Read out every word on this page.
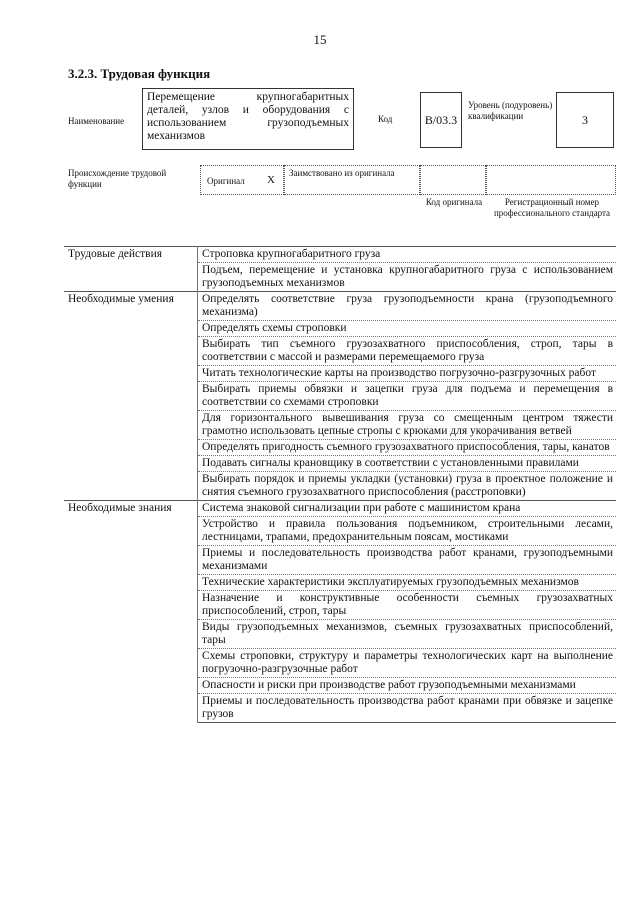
15
3.2.3. Трудовая функция
Наименование
Перемещение крупногабаритных деталей, узлов и оборудования с использованием грузоподъемных механизмов
Код	B/03.3
Уровень (подуровень) квалификации	3
Происхождение трудовой функции	Оригинал X
Заимствовано из оригинала
Код оригинала	Регистрационный номер профессионального стандарта
Трудовые действия	Строповка крупногабаритного груза
	Подъем, перемещение и установка крупногабаритного груза с использованием грузоподъемных механизмов
Необходимые умения	Определять соответствие груза грузоподъемности крана (грузоподъемного механизма)
	Определять схемы строповки
	Выбирать тип съемного грузозахватного приспособления, строп, тары в соответствии с массой и размерами перемещаемого груза
	Читать технологические карты на производство погрузочно-разгрузочных работ
	Выбирать приемы обвязки и зацепки груза для подъема и перемещения в соответствии со схемами строповки
	Для горизонтального вывешивания груза со смещенным центром тяжести грамотно использовать цепные стропы с крюками для укорачивания ветвей
	Определять пригодность съемного грузозахватного приспособления, тары, канатов
	Подавать сигналы крановщику в соответствии с установленными правилами
	Выбирать порядок и приемы укладки (установки) груза в проектное положение и снятия съемного грузозахватного приспособления (расстроповки)
Необходимые знания	Система знаковой сигнализации при работе с машинистом крана
	Устройство и правила пользования подъемником, строительными лесами, лестницами, трапами, предохранительным поясам, мостиками
	Приемы и последовательность производства работ кранами, грузоподъемными механизмами
	Технические характеристики эксплуатируемых грузоподъемных механизмов
	Назначение и конструктивные особенности съемных грузозахватных приспособлений, строп, тары
	Виды грузоподъемных механизмов, съемных грузозахватных приспособлений, тары
	Схемы строповки, структуру и параметры технологических карт на выполнение погрузочно-разгрузочные работ
	Опасности и риски при производстве работ грузоподъемными механизмами
	Приемы и последовательность производства работ кранами при обвязке и зацепке грузов
